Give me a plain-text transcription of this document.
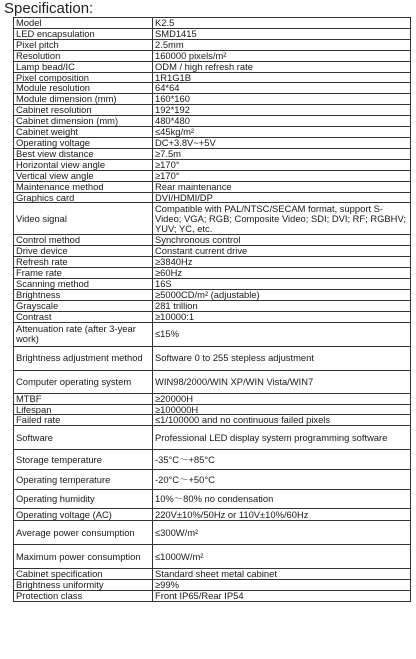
Specification:
Model	K2.5
LED encapsulation	SMD1415
Pixel pitch	2.5mm
Resolution	160000 pixels/m²
Lamp bead/IC	ODM / high refresh rate
Pixel composition	1R1G1B
Module resolution	64*64
Module dimension (mm)	160*160
Cabinet resolution	192*192
Cabinet dimension (mm)	480*480
Cabinet weight	≤45kg/m²
Operating voltage	DC+3.8V~+5V
Best view distance	≥7.5m
Horizontal view angle	≥170°
Vertical view angle	≥170°
Maintenance method	Rear maintenance
Graphics card	DVI/HDMI/DP
Video signal	Compatible with PAL/NTSC/SECAM format, support S-Video; VGA; RGB; Composite Video; SDI; DVI; RF; RGBHV; YUV; YC, etc.
Control method	Synchronous control
Drive device	Constant current drive
Refresh rate	≥3840Hz
Frame rate	≥60Hz
Scanning method	16S
Brightness	≥5000CD/m² (adjustable)
Grayscale	281 trillion
Contrast	≥10000:1
Attenuation rate (after 3-year work)	≤15%
Brightness adjustment method	Software 0 to 255 stepless adjustment
Computer operating system	WIN98/2000/WIN XP/WIN Vista/WIN7
MTBF	≥20000H
Lifespan	≥100000H
Failed rate	≤1/100000 and no continuous failed pixels
Software	Professional LED display system programming software
Storage temperature	-35°C～+85°C
Operating temperature	-20°C～+50°C
Operating humidity	10%～80% no condensation
Operating voltage (AC)	220V±10%/50Hz or 110V±10%/60Hz
Average power consumption	≤300W/m²
Maximum power consumption	≤1000W/m²
Cabinet specification	Standard sheet metal cabinet
Brightness uniformity	≥99%
Protection class	Front IP65/Rear IP54
